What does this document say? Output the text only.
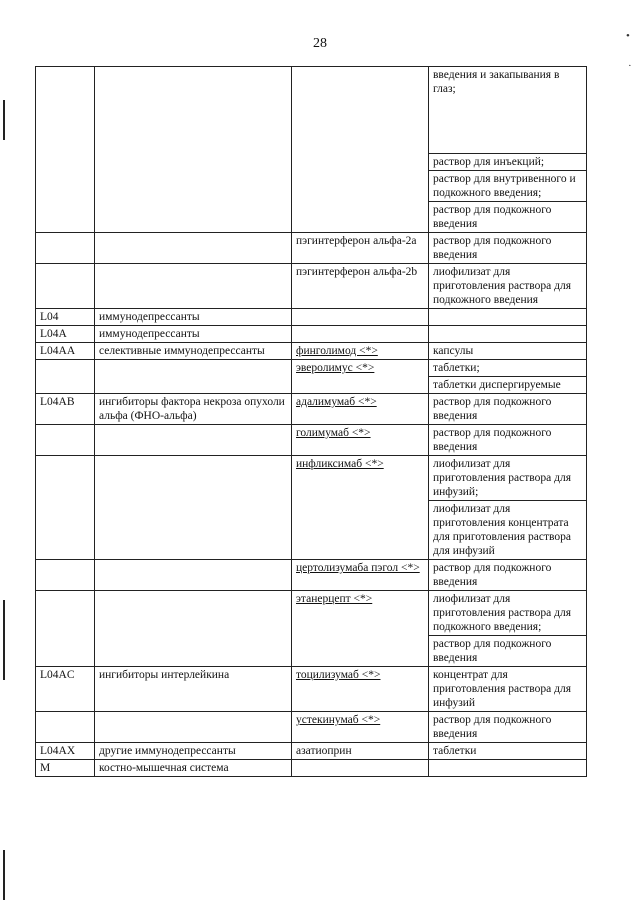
28	•
·
			введения и закапывания в глаз;
			раствор для инъекций;
			раствор для внутривенного и подкожного введения;
			раствор для подкожного введения
		пэгинтерферон альфа-2a	раствор для подкожного введения
		пэгинтерферон альфа-2b	лиофилизат для приготовления раствора для подкожного введения
L04	иммунодепрессанты		
L04A	иммунодепрессанты		
L04AA	селективные иммунодепрессанты	финголимод <*>	капсулы
		эверолимус <*>	таблетки;
			таблетки диспергируемые
L04AB	ингибиторы фактора некроза опухоли альфа (ФНО-альфа)	адалимумаб <*>	раствор для подкожного введения
		голимумаб <*>	раствор для подкожного введения
		инфликсимаб <*>	лиофилизат для приготовления раствора для инфузий;
			лиофилизат для приготовления концентрата для приготовления раствора для инфузий
		цертолизумаба пэгол <*>	раствор для подкожного введения
		этанерцепт <*>	лиофилизат для приготовления раствора для подкожного введения;
			раствор для подкожного введения
L04AC	ингибиторы интерлейкина	тоцилизумаб <*>	концентрат для приготовления раствора для инфузий
		устекинумаб <*>	раствор для подкожного введения
L04AX	другие иммунодепрессанты	азатиоприн	таблетки
M	костно-мышечная система		
